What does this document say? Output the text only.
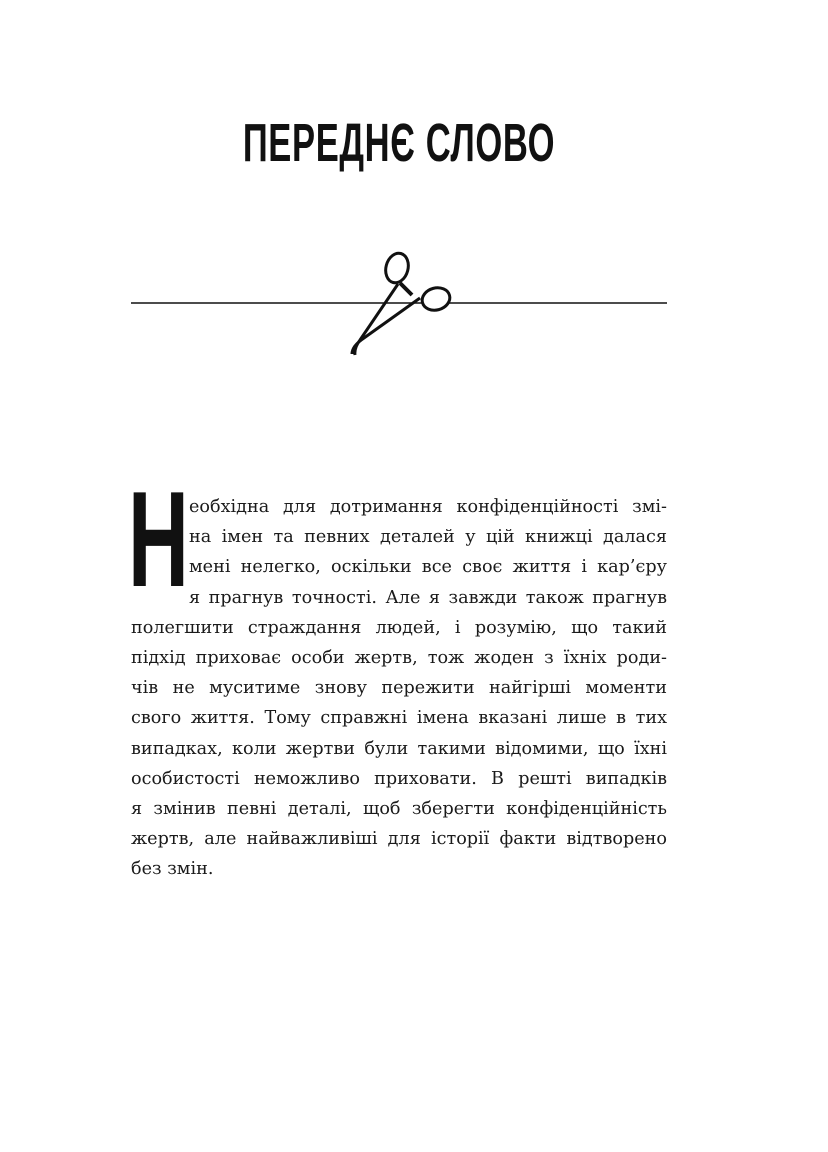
ПЕРЕДНЄ СЛОВО
Н еобхідна для дотримання конфіденційності змі-
на імен та певних деталей у цій книжці далася
мені нелегко, оскільки все своє життя і кар’єру
я прагнув точності. Але я завжди також прагнув
полегшити страждання людей, і розумію, що такий
підхід приховає особи жертв, тож жоден з їхніх роди-
чів не муситиме знову пережити найгірші моменти
свого життя. Тому справжні імена вказані лише в тих
випадках, коли жертви були такими відомими, що їхні
особистості неможливо приховати. В решті випадків
я змінив певні деталі, щоб зберегти конфіденційність
жертв, але найважливіші для історії факти відтворено
без змін.
